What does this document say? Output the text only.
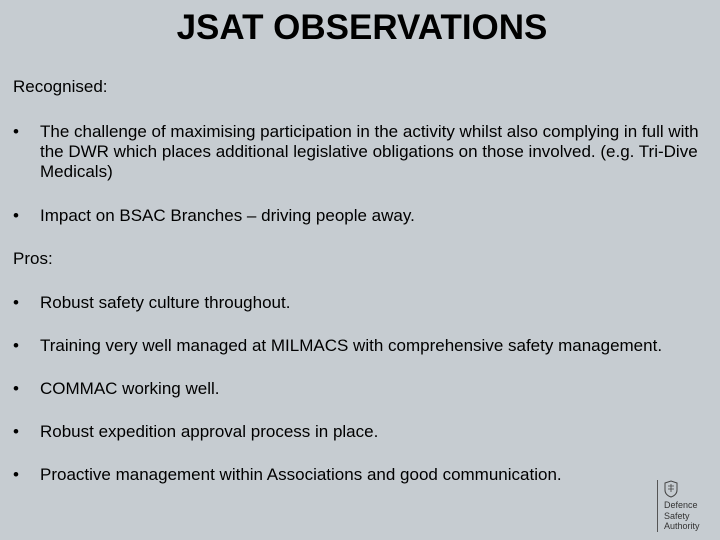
JSAT OBSERVATIONS
Recognised:
•	The challenge of maximising participation in the activity whilst also complying in full with the DWR which places additional legislative obligations on those involved. (e.g. Tri-Dive Medicals)
•	Impact on BSAC Branches – driving people away.
Pros:
•	Robust safety culture throughout.
•	Training very well managed at MILMACS with comprehensive safety management.
•	COMMAC working well.
•	Robust expedition approval process in place.
•	Proactive management within Associations and good communication.
Defence
Safety
Authority
